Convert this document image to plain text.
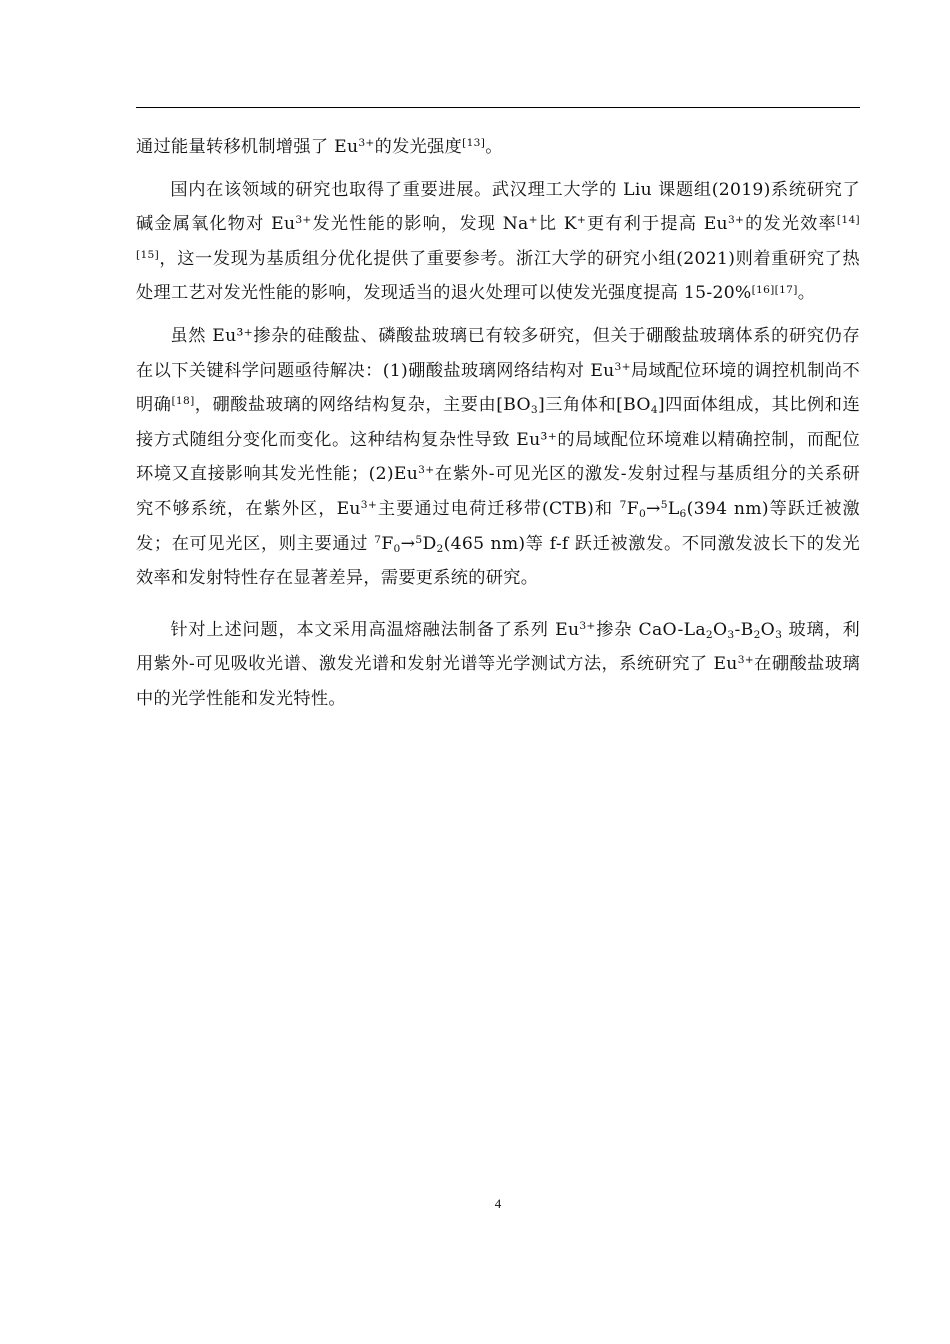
通过能量转移机制增强了 $Eu^{3+}$的发光强度[13]。

国内在该领域的研究也取得了重要进展。武汉理工大学的 Liu 课题组(2019)系统研究了碱金属氧化物对 $Eu^{3+}$发光性能的影响，发现 Na+比 K+更有利于提高 $Eu^{3+}$的发光效率[14][15]，这一发现为基质组分优化提供了重要参考。浙江大学的研究小组(2021)则着重研究了热处理工艺对发光性能的影响，发现适当的退火处理可以使发光强度提高 15-20%[16][17]。

虽然 Eu³⁺掺杂的硅酸盐、磷酸盐玻璃已有较多研究，但关于硼酸盐玻璃体系的研究仍存在以下关键科学问题亟待解决：(1)硼酸盐玻璃网络结构对 $Eu^{3+}$局域配位环境的调控机制尚不明确[18]，硼酸盐玻璃的网络结构复杂，主要由$[BO_3]$三角体和$[BO_4]$四面体组成，其比例和连接方式随组分变化而变化。这种结构复杂性导致 Eu³⁺的局域配位环境难以精确控制，而配位环境又直接影响其发光性能；$(2)Eu^{3+}$在紫外-可见光区的激发-发射过程与基质组分的关系研究不够系统，在紫外区，$Eu^{3+}$主要通过电荷迁移带(CTB)和 $^7F_0\to^5L_6(394$ nm)等跃迁被激发；在可见光区，则主要通过 $^7F_0\to^5D_2(465$ nm)等 f-f 跃迁被激发。不同激发波长下的发光效率和发射特性存在显著差异，需要更系统的研究。

针对上述问题，本文采用高温熔融法制备了系列 $Eu^{3+}$掺杂 CaO-$La_2O_3-B_2O_3$ 玻璃，利用紫外-可见吸收光谱、激发光谱和发射光谱等光学测试方法，系统研究了 $Eu^{3+}$在硼酸盐玻璃中的光学性能和发光特性。

4
